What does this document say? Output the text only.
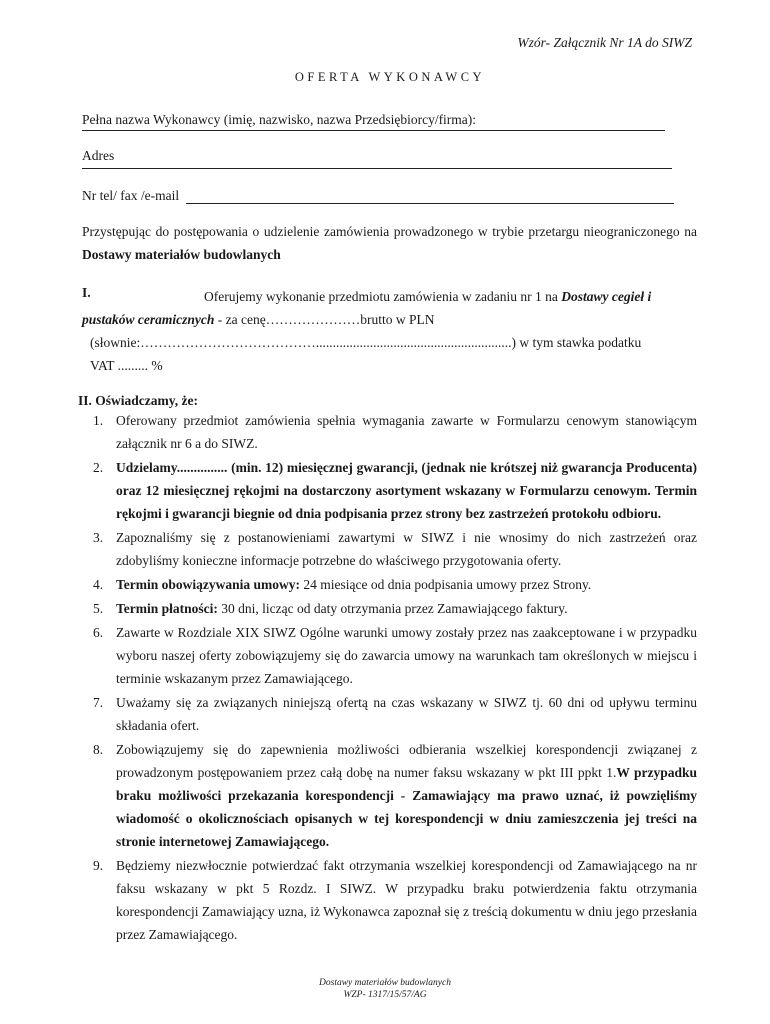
Wzór- Załącznik Nr 1A do SIWZ
OFERTA WYKONAWCY
Pełna nazwa Wykonawcy (imię, nazwisko, nazwa Przedsiębiorcy/firma):
Adres
Nr tel/ fax /e-mail
Przystępując do postępowania o udzielenie zamówienia prowadzonego w trybie przetargu nieograniczonego na Dostawy materiałów budowlanych
I.	Oferujemy wykonanie przedmiotu zamówienia w zadaniu nr 1 na Dostawy cegieł i pustaków ceramicznych - za cenę…………………brutto w PLN
(słownie:…………………………………..........................................................) w tym stawka podatku
VAT ......... %
II. Oświadczamy, że:
1. Oferowany przedmiot zamówienia spełnia wymagania zawarte w Formularzu cenowym stanowiącym załącznik nr 6 a do SIWZ.
2. Udzielamy............... (min. 12) miesięcznej gwarancji, (jednak nie krótszej niż gwarancja Producenta) oraz 12 miesięcznej rękojmi na dostarczony asortyment wskazany w Formularzu cenowym. Termin rękojmi i gwarancji biegnie od dnia podpisania przez strony bez zastrzeżeń protokołu odbioru.
3. Zapoznaliśmy się z postanowieniami zawartymi w SIWZ i nie wnosimy do nich zastrzeżeń oraz zdobyliśmy konieczne informacje potrzebne do właściwego przygotowania oferty.
4. Termin obowiązywania umowy: 24 miesiące od dnia podpisania umowy przez Strony.
5. Termin płatności: 30 dni, licząc od daty otrzymania przez Zamawiającego faktury.
6. Zawarte w Rozdziale XIX SIWZ Ogólne warunki umowy zostały przez nas zaakceptowane i w przypadku wyboru naszej oferty zobowiązujemy się do zawarcia umowy na warunkach tam określonych w miejscu i terminie wskazanym przez Zamawiającego.
7. Uważamy się za związanych niniejszą ofertą na czas wskazany w SIWZ tj. 60 dni od upływu terminu składania ofert.
8. Zobowiązujemy się do zapewnienia możliwości odbierania wszelkiej korespondencji związanej z prowadzonym postępowaniem przez całą dobę na numer faksu wskazany w pkt III ppkt 1.W przypadku braku możliwości przekazania korespondencji - Zamawiający ma prawo uznać, iż powzięliśmy wiadomość o okolicznościach opisanych w tej korespondencji w dniu zamieszczenia jej treści na stronie internetowej Zamawiającego.
9. Będziemy niezwłocznie potwierdzać fakt otrzymania wszelkiej korespondencji od Zamawiającego na nr faksu wskazany w pkt 5 Rozdz. I SIWZ. W przypadku braku potwierdzenia faktu otrzymania korespondencji Zamawiający uzna, iż Wykonawca zapoznał się z treścią dokumentu w dniu jego przesłania przez Zamawiającego.
Dostawy materiałów budowlanych
WZP- 1317/15/57/AG
